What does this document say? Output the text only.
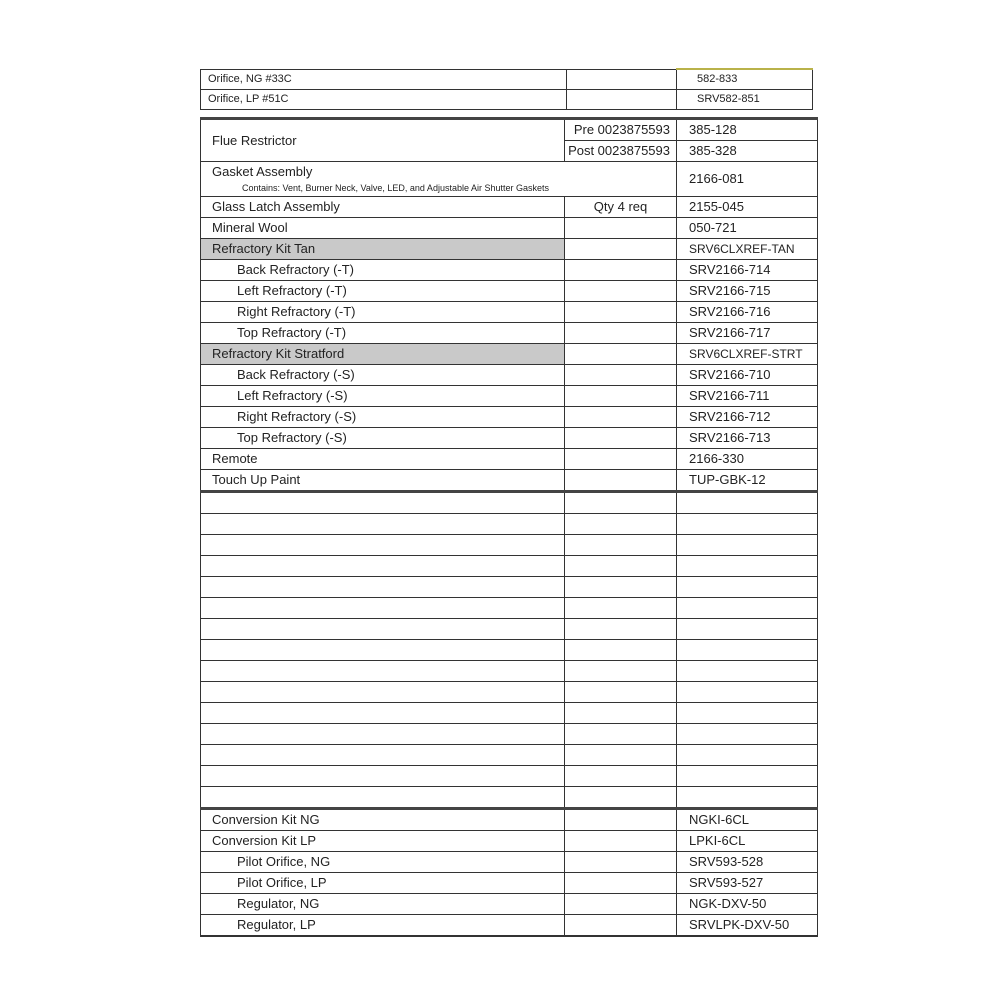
Orifice, NG #33C		582-833
Orifice, LP #51C		SRV582-851
Flue Restrictor	Pre 0023875593	385-128
	Post 0023875593	385-328

Gasket Assembly
Contains: Vent, Burner Neck, Valve, LED, and Adjustable Air Shutter Gaskets		2166-081
Glass Latch Assembly	Qty 4 req	2155-045
Mineral Wool		050-721
Refractory Kit Tan		SRV6CLXREF-TAN
Back Refractory (-T)		SRV2166-714
Left Refractory (-T)		SRV2166-715
Right Refractory (-T)		SRV2166-716
Top Refractory (-T)		SRV2166-717
Refractory Kit Stratford		SRV6CLXREF-STRT
Back Refractory (-S)		SRV2166-710
Left Refractory (-S)		SRV2166-711
Right Refractory (-S)		SRV2166-712
Top Refractory (-S)		SRV2166-713
Remote		2166-330
Touch Up Paint		TUP-GBK-12

Conversion Kit NG		NGKI-6CL
Conversion Kit LP		LPKI-6CL
Pilot Orifice, NG		SRV593-528
Pilot Orifice, LP		SRV593-527
Regulator, NG		NGK-DXV-50
Regulator, LP		SRVLPK-DXV-50
